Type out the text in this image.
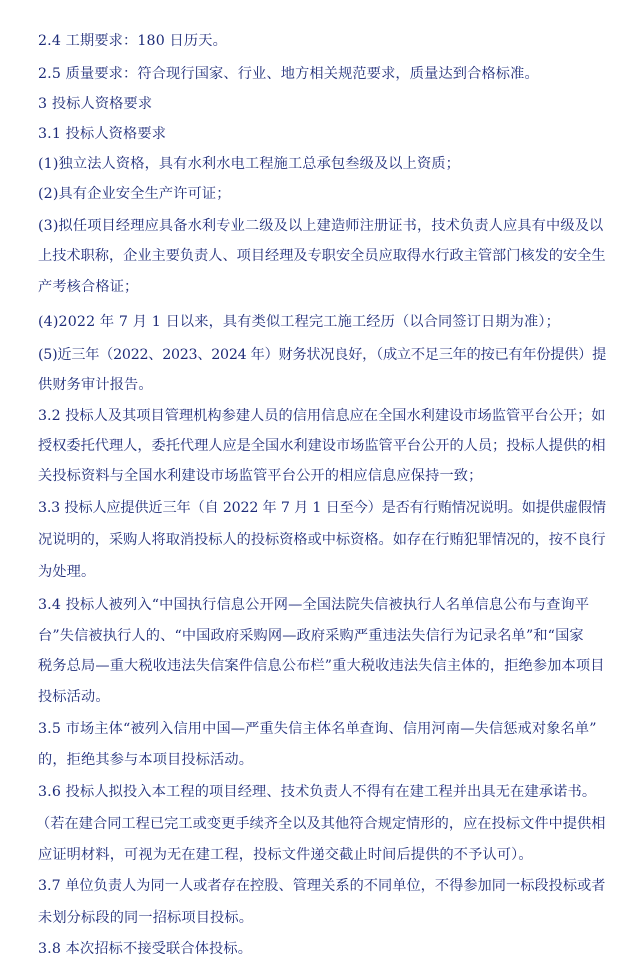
2.4 工期要求：180 日历天。
2.5 质量要求：符合现行国家、行业、地方相关规范要求，质量达到合格标准。
3 投标人资格要求
3.1 投标人资格要求
(1)独立法人资格，具有水利水电工程施工总承包叁级及以上资质；
(2)具有企业安全生产许可证；
(3)拟任项目经理应具备水利专业二级及以上建造师注册证书，技术负责人应具有中级及以
上技术职称，企业主要负责人、项目经理及专职安全员应取得水行政主管部门核发的安全生
产考核合格证；
(4)2022 年 7 月 1 日以来，具有类似工程完工施工经历（以合同签订日期为准）；
(5)近三年（2022、2023、2024 年）财务状况良好，（成立不足三年的按已有年份提供）提
供财务审计报告。
3.2 投标人及其项目管理机构参建人员的信用信息应在全国水利建设市场监管平台公开；如
授权委托代理人，委托代理人应是全国水利建设市场监管平台公开的人员；投标人提供的相
关投标资料与全国水利建设市场监管平台公开的相应信息应保持一致；
3.3 投标人应提供近三年（自 2022 年 7 月 1 日至今）是否有行贿情况说明。如提供虚假情
况说明的，采购人将取消投标人的投标资格或中标资格。如存在行贿犯罪情况的，按不良行
为处理。
3.4 投标人被列入“中国执行信息公开网—全国法院失信被执行人名单信息公布与查询平
台”失信被执行人的、“中国政府采购网—政府采购严重违法失信行为记录名单”和“国家
税务总局—重大税收违法失信案件信息公布栏”重大税收违法失信主体的，拒绝参加本项目
投标活动。
3.5 市场主体“被列入信用中国—严重失信主体名单查询、信用河南—失信惩戒对象名单”
的，拒绝其参与本项目投标活动。
3.6 投标人拟投入本工程的项目经理、技术负责人不得有在建工程并出具无在建承诺书。
（若在建合同工程已完工或变更手续齐全以及其他符合规定情形的，应在投标文件中提供相
应证明材料，可视为无在建工程，投标文件递交截止时间后提供的不予认可）。
3.7 单位负责人为同一人或者存在控股、管理关系的不同单位，不得参加同一标段投标或者
未划分标段的同一招标项目投标。
3.8 本次招标不接受联合体投标。
